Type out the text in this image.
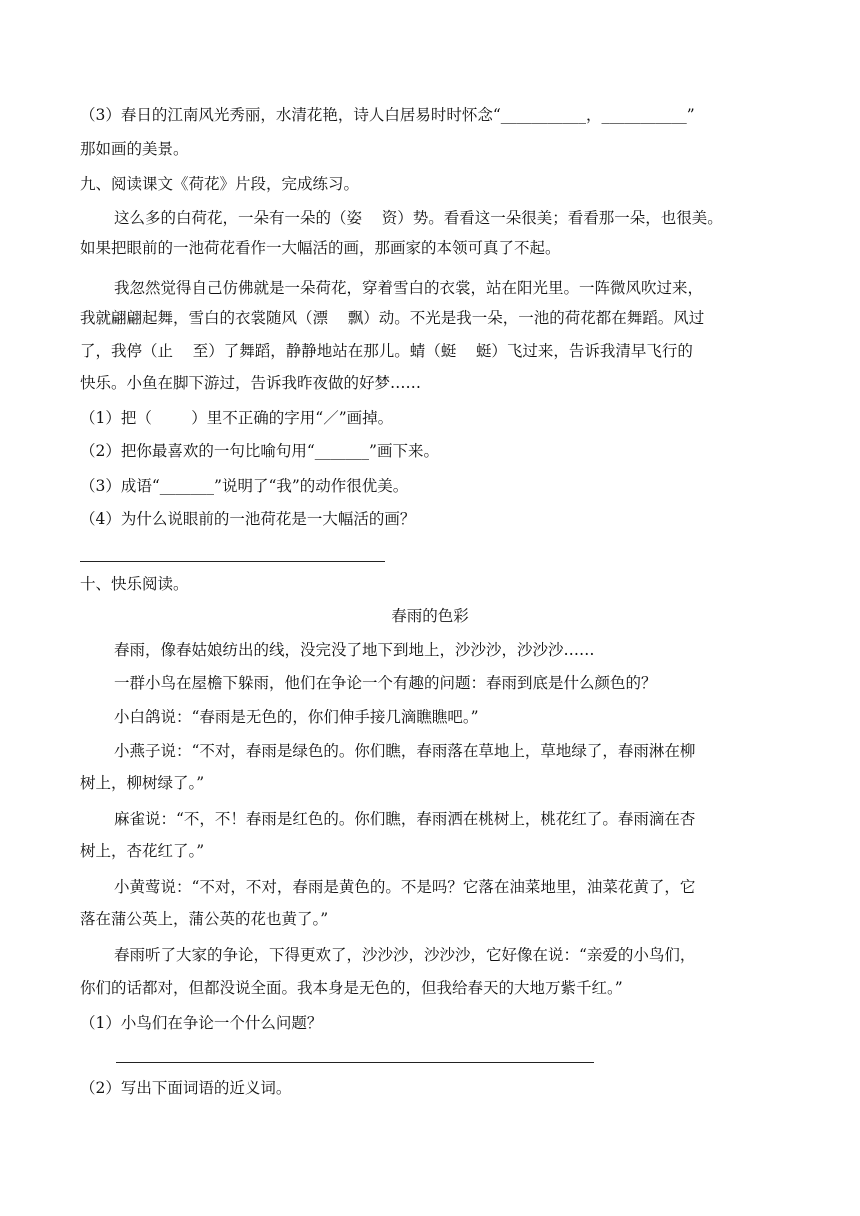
（3）春日的江南风光秀丽，水清花艳，诗人白居易时时怀念“___________，___________”
那如画的美景。
九、阅读课文《荷花》片段，完成练习。
这么多的白荷花，一朵有一朵的（姿    资）势。看看这一朵很美；看看那一朵，也很美。
如果把眼前的一池荷花看作一大幅活的画，那画家的本领可真了不起。
我忽然觉得自己仿佛就是一朵荷花，穿着雪白的衣裳，站在阳光里。一阵微风吹过来，
我就翩翩起舞，雪白的衣裳随风（漂    飘）动。不光是我一朵，一池的荷花都在舞蹈。风过
了，我停（止    至）了舞蹈，静静地站在那儿。蜻（蜓    蜓）飞过来，告诉我清早飞行的
快乐。小鱼在脚下游过，告诉我昨夜做的好梦……
（1）把（        ）里不正确的字用“／”画掉。
（2）把你最喜欢的一句比喻句用“_______”画下来。
（3）成语“_______”说明了“我”的动作很优美。
（4）为什么说眼前的一池荷花是一大幅活的画？
十、快乐阅读。
春雨的色彩
春雨，像春姑娘纺出的线，没完没了地下到地上，沙沙沙，沙沙沙……
一群小鸟在屋檐下躲雨，他们在争论一个有趣的问题：春雨到底是什么颜色的？
小白鸽说：“春雨是无色的，你们伸手接几滴瞧瞧吧。”
小燕子说：“不对，春雨是绿色的。你们瞧，春雨落在草地上，草地绿了，春雨淋在柳
树上，柳树绿了。”
麻雀说：“不，不！春雨是红色的。你们瞧，春雨洒在桃树上，桃花红了。春雨滴在杏
树上，杏花红了。”
小黄莺说：“不对，不对，春雨是黄色的。不是吗？它落在油菜地里，油菜花黄了，它
落在蒲公英上，蒲公英的花也黄了。”
春雨听了大家的争论，下得更欢了，沙沙沙，沙沙沙，它好像在说：“亲爱的小鸟们，
你们的话都对，但都没说全面。我本身是无色的，但我给春天的大地万紫千红。”
（1）小鸟们在争论一个什么问题？
（2）写出下面词语的近义词。
